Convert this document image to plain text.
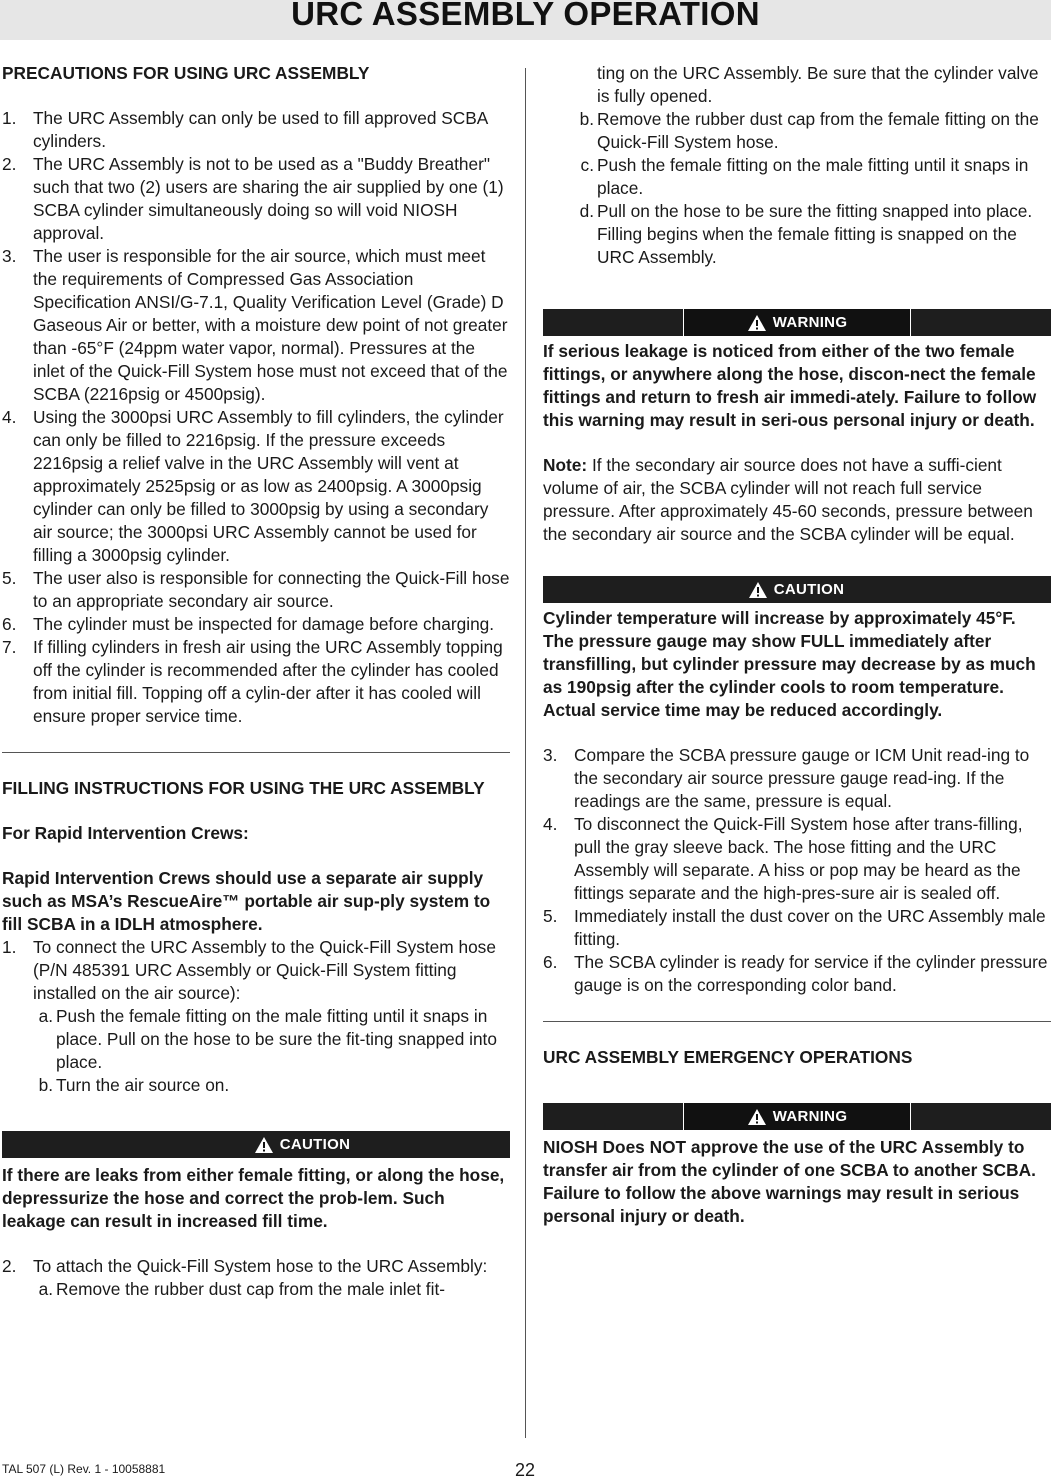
URC ASSEMBLY OPERATION

PRECAUTIONS FOR USING URC ASSEMBLY

1. The URC Assembly can only be used to fill approved SCBA cylinders.
2. The URC Assembly is not to be used as a "Buddy Breather" such that two (2) users are sharing the air supplied by one (1) SCBA cylinder simultaneously doing so will void NIOSH approval.
3. The user is responsible for the air source, which must meet the requirements of Compressed Gas Association Specification ANSI/G-7.1, Quality Verification Level (Grade) D Gaseous Air or better, with a moisture dew point of not greater than -65°F (24ppm water vapor, normal). Pressures at the inlet of the Quick-Fill System hose must not exceed that of the SCBA (2216psig or 4500psig).
4. Using the 3000psi URC Assembly to fill cylinders, the cylinder can only be filled to 2216psig. If the pressure exceeds 2216psig a relief valve in the URC Assembly will vent at approximately 2525psig or as low as 2400psig. A 3000psig cylinder can only be filled to 3000psig by using a secondary air source; the 3000psi URC Assembly cannot be used for filling a 3000psig cylinder.
5. The user also is responsible for connecting the Quick-Fill hose to an appropriate secondary air source.
6. The cylinder must be inspected for damage before charging.
7. If filling cylinders in fresh air using the URC Assembly topping off the cylinder is recommended after the cylinder has cooled from initial fill. Topping off a cylin-der after it has cooled will ensure proper service time.

FILLING INSTRUCTIONS FOR USING THE URC ASSEMBLY

For Rapid Intervention Crews:

Rapid Intervention Crews should use a separate air supply such as MSA’s RescueAire™ portable air sup-ply system to fill SCBA in a IDLH atmosphere.

1. To connect the URC Assembly to the Quick-Fill System hose (P/N 485391 URC Assembly or Quick-Fill System fitting installed on the air source):
a. Push the female fitting on the male fitting until it snaps in place. Pull on the hose to be sure the fit-ting snapped into place.
b. Turn the air source on.
CAUTION

If there are leaks from either female fitting, or along the hose, depressurize the hose and correct the prob-lem. Such leakage can result in increased fill time.

2. To attach the Quick-Fill System hose to the URC Assembly:
a. Remove the rubber dust cap from the male inlet fit-

ting on the URC Assembly. Be sure that the cylinder valve is fully opened.

b. Remove the rubber dust cap from the female fitting on the Quick-Fill System hose.
c. Push the female fitting on the male fitting until it snaps in place.
d. Pull on the hose to be sure the fitting snapped into place. Filling begins when the female fitting is snapped on the URC Assembly.
WARNING

If serious leakage is noticed from either of the two female fittings, or anywhere along the hose, discon-nect the female fittings and return to fresh air immedi-ately. Failure to follow this warning may result in seri-ous personal injury or death.

Note: If the secondary air source does not have a suffi-cient volume of air, the SCBA cylinder will not reach full service pressure. After approximately 45-60 seconds, pressure between the secondary air source and the SCBA cylinder will be equal.

CAUTION

Cylinder temperature will increase by approximately 45°F. The pressure gauge may show FULL immediately after transfilling, but cylinder pressure may decrease by as much as 190psig after the cylinder cools to room temperature. Actual service time may be reduced accordingly.

3. Compare the SCBA pressure gauge or ICM Unit read-ing to the secondary air source pressure gauge read-ing. If the readings are the same, pressure is equal.
4. To disconnect the Quick-Fill System hose after trans-filling, pull the gray sleeve back. The hose fitting and the URC Assembly will separate. A hiss or pop may be heard as the fittings separate and the high-pres-sure air is sealed off.
5. Immediately install the dust cover on the URC Assembly male fitting.
6. The SCBA cylinder is ready for service if the cylinder pressure gauge is on the corresponding color band.

URC ASSEMBLY EMERGENCY OPERATIONS

WARNING

NIOSH Does NOT approve the use of the URC Assembly to transfer air from the cylinder of one SCBA to another SCBA. Failure to follow the above warnings may result in serious personal injury or death.

TAL 507 (L) Rev. 1 - 10058881	22
